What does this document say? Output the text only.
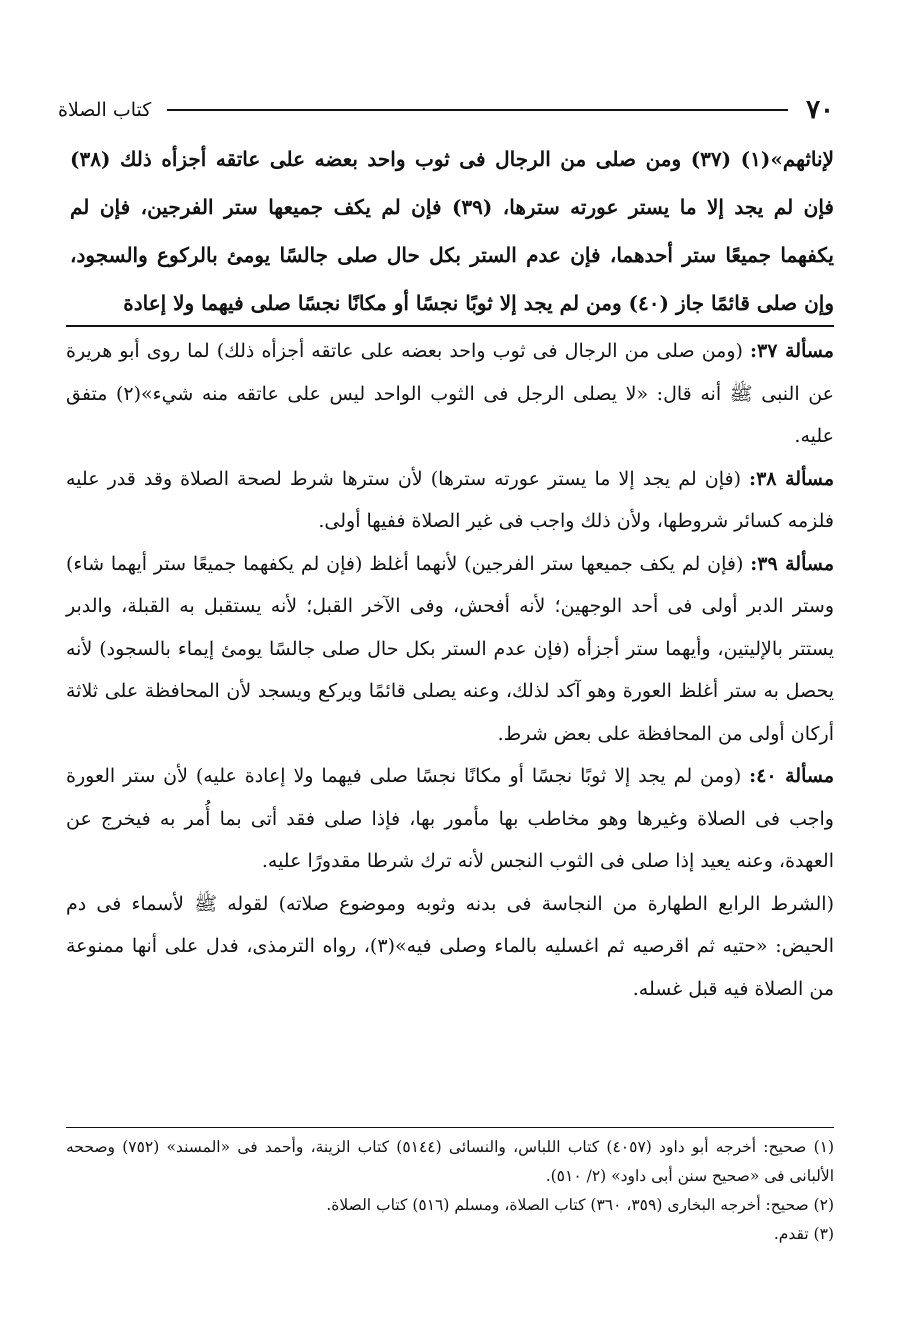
٧٠
كتاب الصلاة

لإناثهم»(١) (٣٧) ومن صلى من الرجال فى ثوب واحد بعضه على عاتقه أجزأه ذلك (٣٨) فإن لم يجد إلا ما يستر عورته سترها، (٣٩) فإن لم يكف جميعها ستر الفرجين، فإن لم يكفهما جميعًا ستر أحدهما، فإن عدم الستر بكل حال صلى جالسًا يومئ بالركوع والسجود، وإن صلى قائمًا جاز (٤٠) ومن لم يجد إلا ثوبًا نجسًا أو مكانًا نجسًا صلى فيهما ولا إعادة

مسألة ٣٧: (ومن صلى من الرجال فى ثوب واحد بعضه على عاتقه أجزأه ذلك) لما روى أبو هريرة عن النبى ﷺ أنه قال: «لا يصلى الرجل فى الثوب الواحد ليس على عاتقه منه شيء»(٢) متفق عليه.

مسألة ٣٨: (فإن لم يجد إلا ما يستر عورته سترها) لأن سترها شرط لصحة الصلاة وقد قدر عليه فلزمه كسائر شروطها، ولأن ذلك واجب فى غير الصلاة ففيها أولى.

مسألة ٣٩: (فإن لم يكف جميعها ستر الفرجين) لأنهما أغلظ (فإن لم يكفهما جميعًا ستر أيهما شاء) وستر الدبر أولى فى أحد الوجهين؛ لأنه أفحش، وفى الآخر القبل؛ لأنه يستقبل به القبلة، والدبر يستتر بالإليتين، وأيهما ستر أجزأه (فإن عدم الستر بكل حال صلى جالسًا يومئ إيماء بالسجود) لأنه يحصل به ستر أغلظ العورة وهو آكد لذلك، وعنه يصلى قائمًا ويركع ويسجد لأن المحافظة على ثلاثة أركان أولى من المحافظة على بعض شرط.

مسألة ٤٠: (ومن لم يجد إلا ثوبًا نجسًا أو مكانًا نجسًا صلى فيهما ولا إعادة عليه) لأن ستر العورة واجب فى الصلاة وغيرها وهو مخاطب بها مأمور بها، فإذا صلى فقد أتى بما أُمر به فيخرج عن العهدة، وعنه يعيد إذا صلى فى الثوب النجس لأنه ترك شرطا مقدورًا عليه.

(الشرط الرابع الطهارة من النجاسة فى بدنه وثوبه وموضوع صلاته) لقوله ﷺ لأسماء فى دم الحيض: «حتيه ثم اقرصيه ثم اغسليه بالماء وصلى فيه»(٣)، رواه الترمذى، فدل على أنها ممنوعة من الصلاة فيه قبل غسله.

(١) صحيح: أخرجه أبو داود (٤٠٥٧) كتاب اللباس، والنسائى (٥١٤٤) كتاب الزينة، وأحمد فى «المسند» (٧٥٢) وصححه الألبانى فى «صحيح سنن أبى داود» (٢/ ٥١٠).

(٢) صحيح: أخرجه البخارى (٣٥٩، ٣٦٠) كتاب الصلاة، ومسلم (٥١٦) كتاب الصلاة.

(٣) تقدم.
